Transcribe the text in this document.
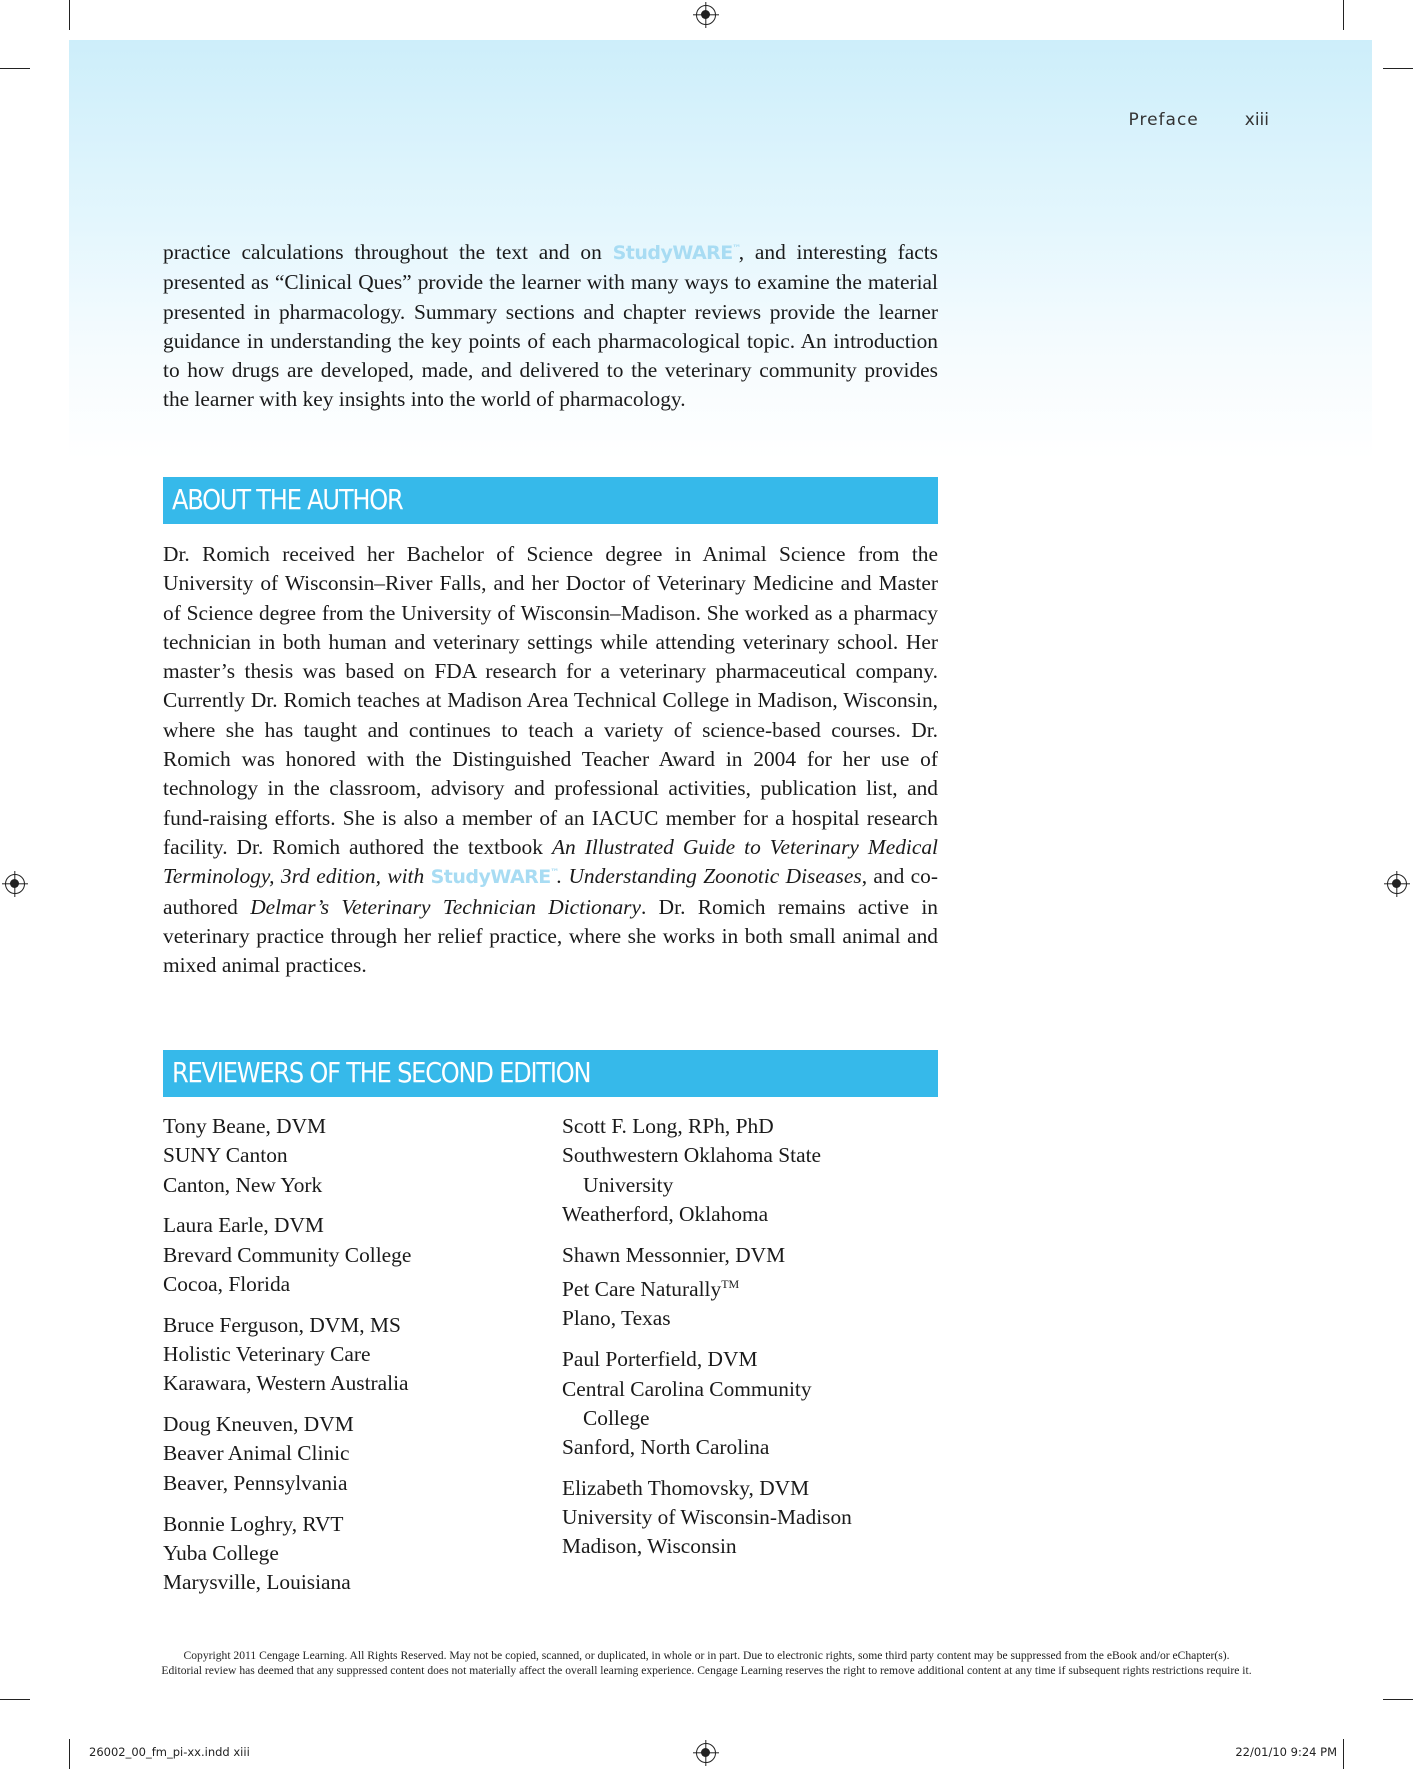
Preface	xiii

practice calculations throughout the text and on StudyWARE ™
, and interesting facts presented as “Clinical Ques” provide the learner with many ways to examine the material presented in pharmacology. Summary sections and chapter reviews provide the learner guidance in understanding the key points of each pharmacological topic. An introduction to how drugs are developed, made, and delivered to the veterinary community provides the learner with key insights into the world of pharmacology.

ABOUT THE AUTHOR

Dr. Romich received her Bachelor of Science degree in Animal Science from the University of Wisconsin–River Falls, and her Doctor of Veterinary Medicine and Master of Science degree from the University of Wisconsin–Madison. She worked as a pharmacy technician in both human and veterinary settings while attending veterinary school. Her master’s thesis was based on FDA research for a veterinary pharmaceutical company. Currently Dr. Romich teaches at Madison Area Technical College in Madison, Wisconsin, where she has taught and continues to teach a variety of science-based courses. Dr. Romich was honored with the Distinguished Teacher Award in 2004 for her use of technology in the classroom, advisory and professional activities, publication list, and fund-raising efforts. She is also a member of an IACUC member for a hospital research facility. Dr. Romich authored the textbook An Illustrated Guide to Veterinary Medical Terminology, 3rd edition, with StudyWARE ™
. Understanding Zoonotic Diseases, and co-authored Delmar’s Veterinary Technician Dictionary. Dr. Romich remains active in veterinary practice through her relief practice, where she works in both small animal and mixed animal practices.

REVIEWERS OF THE SECOND EDITION
Tony Beane, DVM
SUNY Canton
Canton, New York
Laura Earle, DVM
Brevard Community College
Cocoa, Florida
Bruce Ferguson, DVM, MS
Holistic Veterinary Care
Karawara, Western Australia
Doug Kneuven, DVM
Beaver Animal Clinic
Beaver, Pennsylvania
Bonnie Loghry, RVT
Yuba College
Marysville, Louisiana
Scott F. Long, RPh, PhD
Southwestern Oklahoma State
University
Weatherford, Oklahoma
Shawn Messonnier, DVM
Pet Care Naturally™
Plano, Texas
Paul Porterfield, DVM
Central Carolina Community
College
Sanford, North Carolina
Elizabeth Thomovsky, DVM
University of Wisconsin-Madison
Madison, Wisconsin
Copyright 2011 Cengage Learning. All Rights Reserved. May not be copied, scanned, or duplicated, in whole or in part. Due to electronic rights, some third party content may be suppressed from the eBook and/or eChapter(s).
Editorial review has deemed that any suppressed content does not materially affect the overall learning experience. Cengage Learning reserves the right to remove additional content at any time if subsequent rights restrictions require it.
26002_00_fm_pi-xx.indd xiii	22/01/10 9:24 PM
